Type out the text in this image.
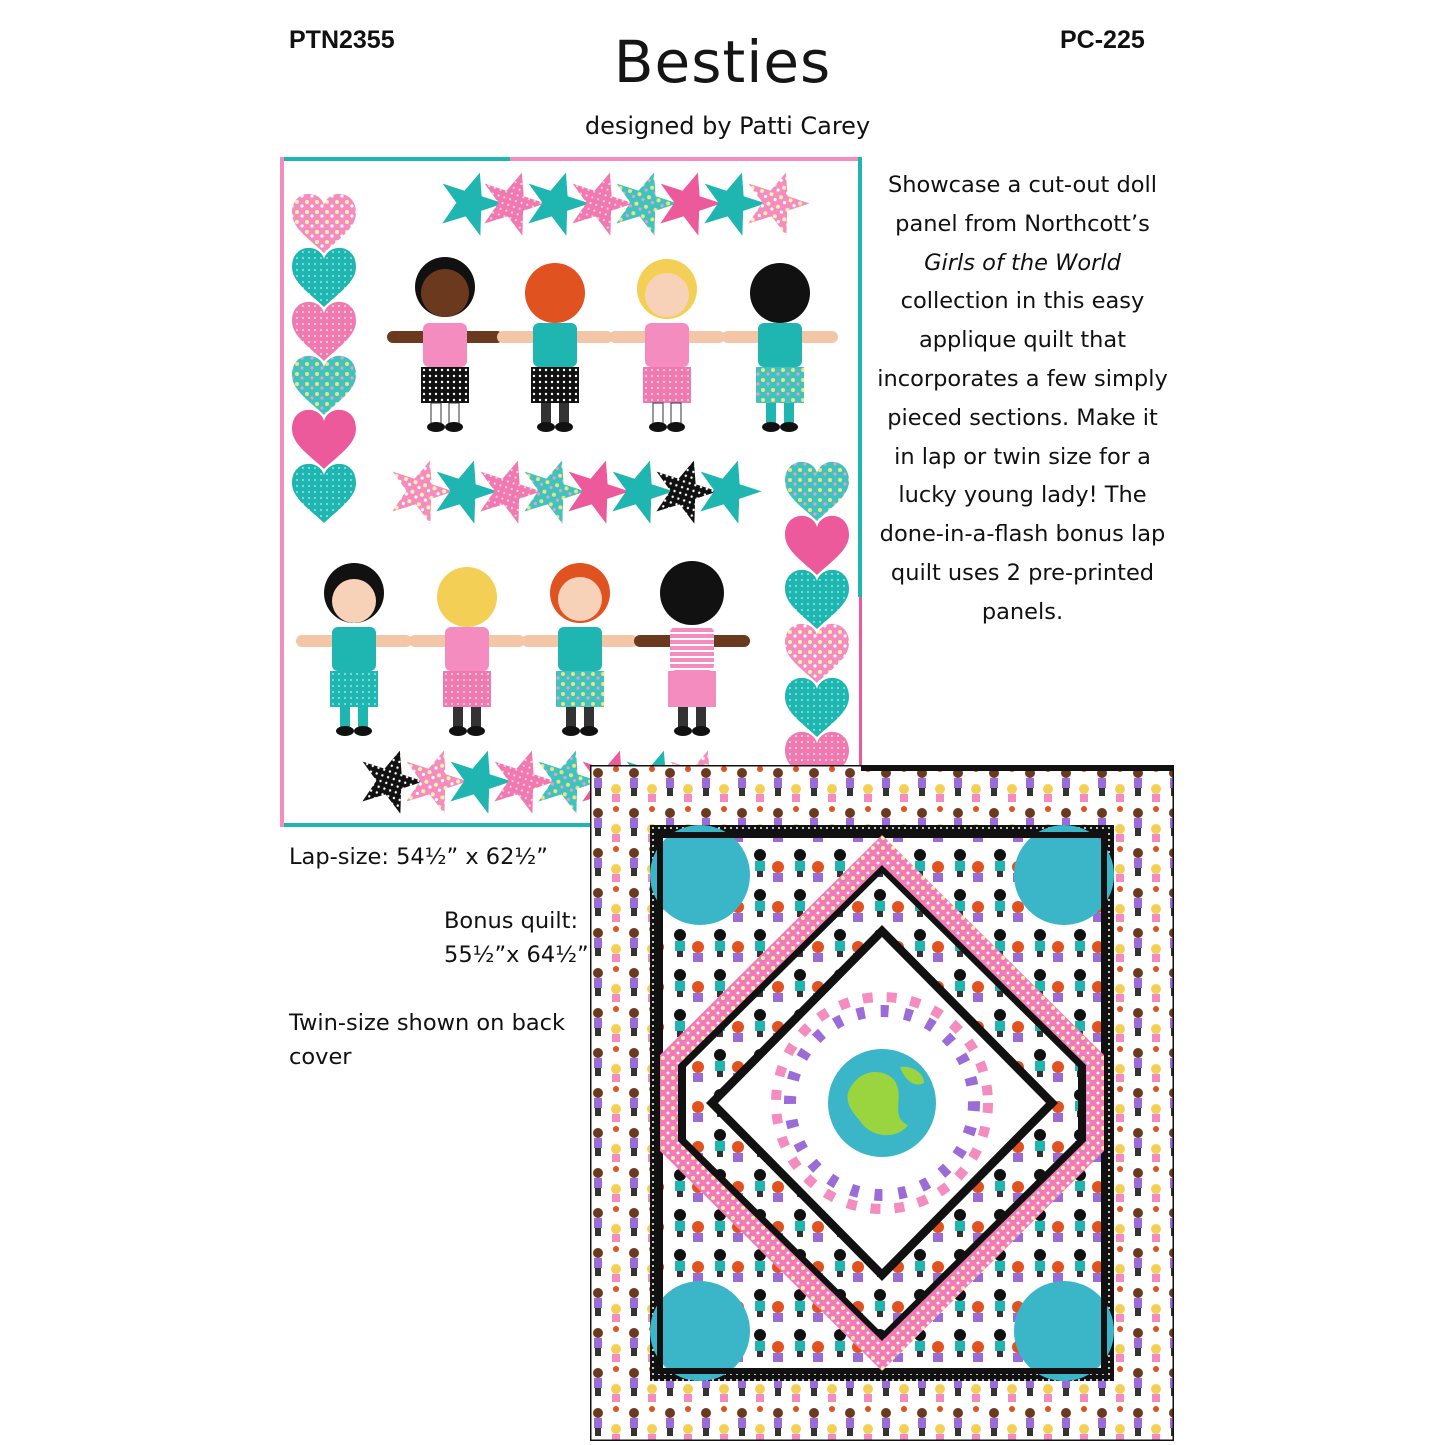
PTN2355	Besties	PC-225
designed by Patti Carey

Showcase a cut-out doll

panel from Northcott’s

Girls of the World

collection in this easy

applique quilt that

incorporates a few simply

pieced sections. Make it

in lap or twin size for a

lucky young lady! The

done-in-a-flash bonus lap

quilt uses 2 pre-printed

panels.

Lap-size: 54½” x 62½”
Bonus quilt:
55½”x 64½”
Twin-size shown on back cover
